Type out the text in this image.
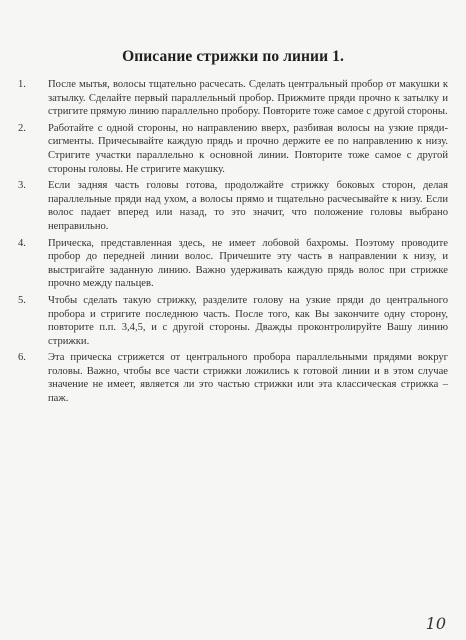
Описание стрижки по линии 1.
1.	После мытья, волосы тщательно расчесать. Сделать центральный пробор от макушки к затылку. Сделайте первый параллельный пробор. Прижмите пряди прочно к затылку и стригите прямую линию параллельно пробору. Повторите тоже самое с другой стороны.
2.	Работайте с одной стороны, но направлению вверх, разбивая волосы на узкие пряди-сигменты. Причесывайте каждую прядь и прочно держите ее по направлению к низу. Стригите участки параллельно к основной линии. Повторите тоже самое с другой стороны головы. Не стригите макушку.
3.	Если задняя часть головы готова, продолжайте стрижку боковых сторон, делая параллельные пряди над ухом, а волосы прямо и тщательно расчесывайте к низу. Если волос падает вперед или назад, то это значит, что положение головы выбрано неправильно.
4.	Прическа, представленная здесь, не имеет лобовой бахромы. Поэтому проводите пробор до передней линии волос. Причешите эту часть в направлении к низу, и выстригайте заданную линию. Важно удерживать каждую прядь волос при стрижке прочно между пальцев.
5.	Чтобы сделать такую стрижку, разделите голову на узкие пряди до центрального пробора и стригите последнюю часть. После того, как Вы закончите одну сторону, повторите п.п. 3,4,5, и с другой стороны. Дважды проконтролируйте Вашу линию стрижки.
6.	Эта прическа стрижется от центрального пробора параллельными прядями вокруг головы. Важно, чтобы все части стрижки ложились к готовой линии и в этом случае значение не имеет, является ли это частью стрижки или эта классическая стрижка – паж.
10
